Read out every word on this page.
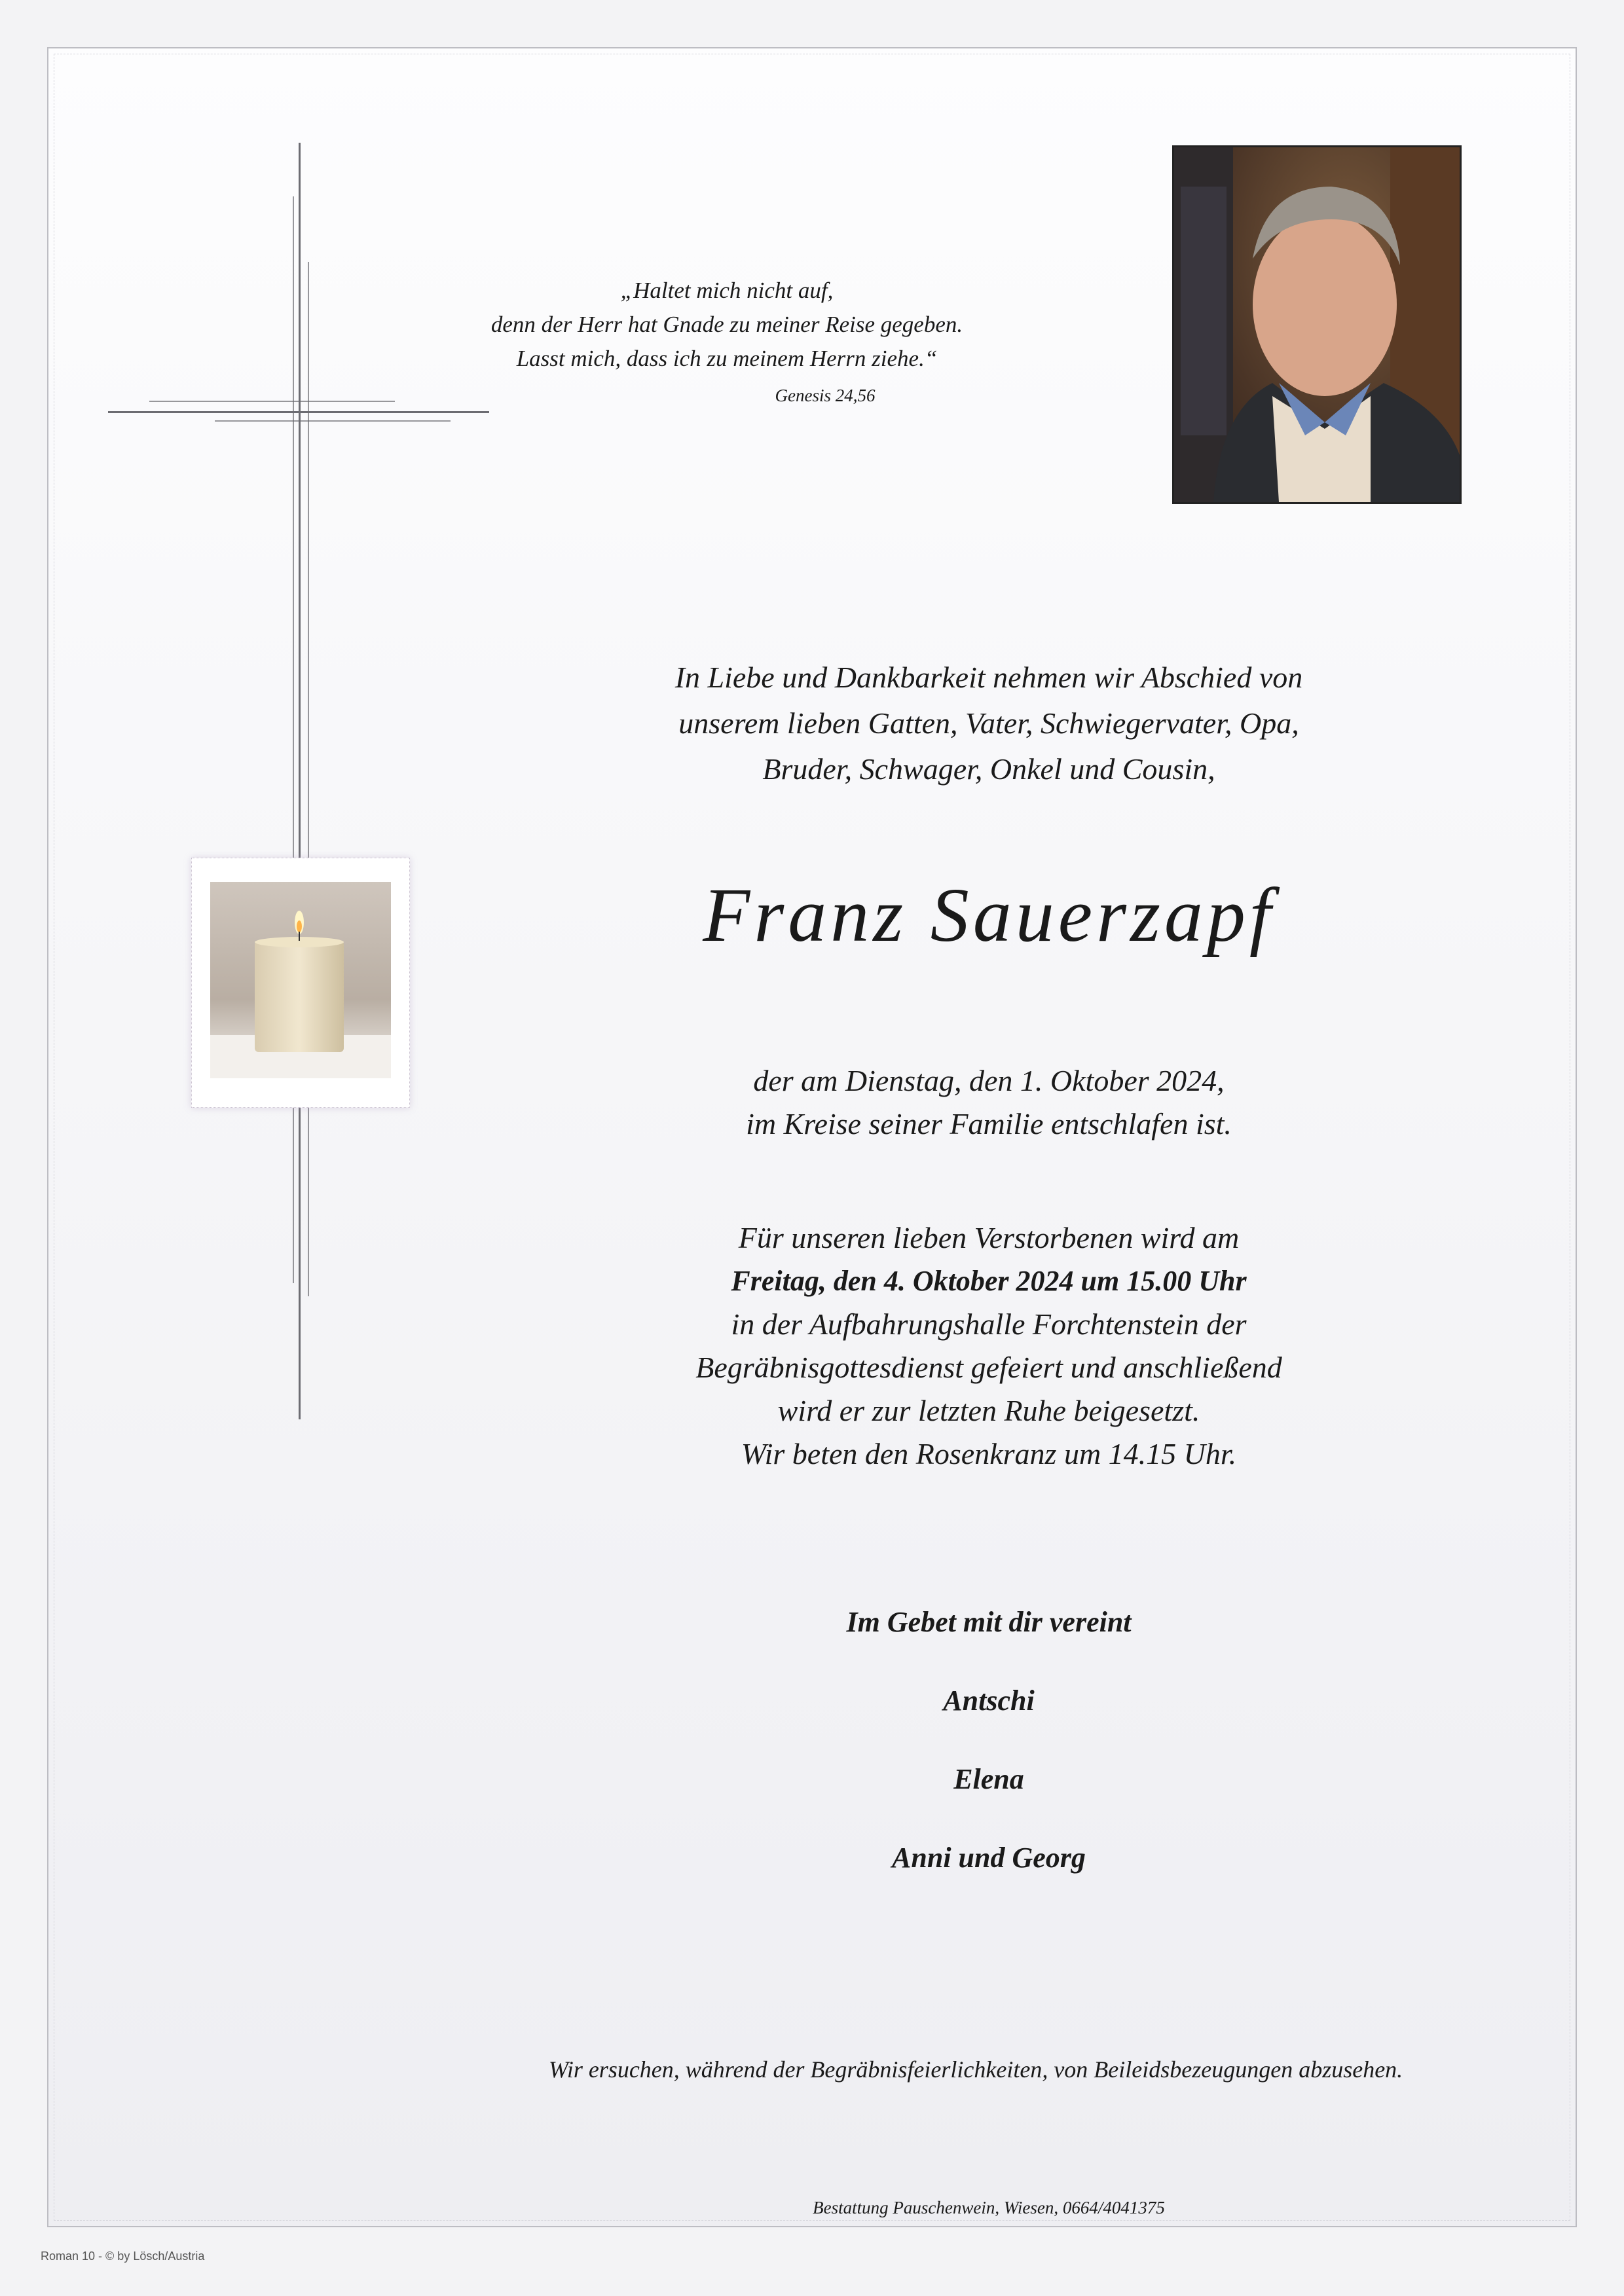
„Haltet mich nicht auf,
denn der Herr hat Gnade zu meiner Reise gegeben.
Lasst mich, dass ich zu meinem Herrn ziehe.“
Genesis 24,56
In Liebe und Dankbarkeit nehmen wir Abschied von
unserem lieben Gatten, Vater, Schwiegervater, Opa,
Bruder, Schwager, Onkel und Cousin,
Franz Sauerzapf
der am Dienstag, den 1. Oktober 2024,
im Kreise seiner Familie entschlafen ist.
Für unseren lieben Verstorbenen wird am
Freitag, den 4. Oktober 2024 um 15.00 Uhr
in der Aufbahrungshalle Forchtenstein der
Begräbnisgottesdienst gefeiert und anschließend
wird er zur letzten Ruhe beigesetzt.
Wir beten den Rosenkranz um 14.15 Uhr.
Im Gebet mit dir vereint
Antschi
Elena
Anni und Georg
Wir ersuchen, während der Begräbnisfeierlichkeiten, von Beileidsbezeugungen abzusehen.
Bestattung Pauschenwein, Wiesen, 0664/4041375
Roman 10 - © by Lösch/Austria
